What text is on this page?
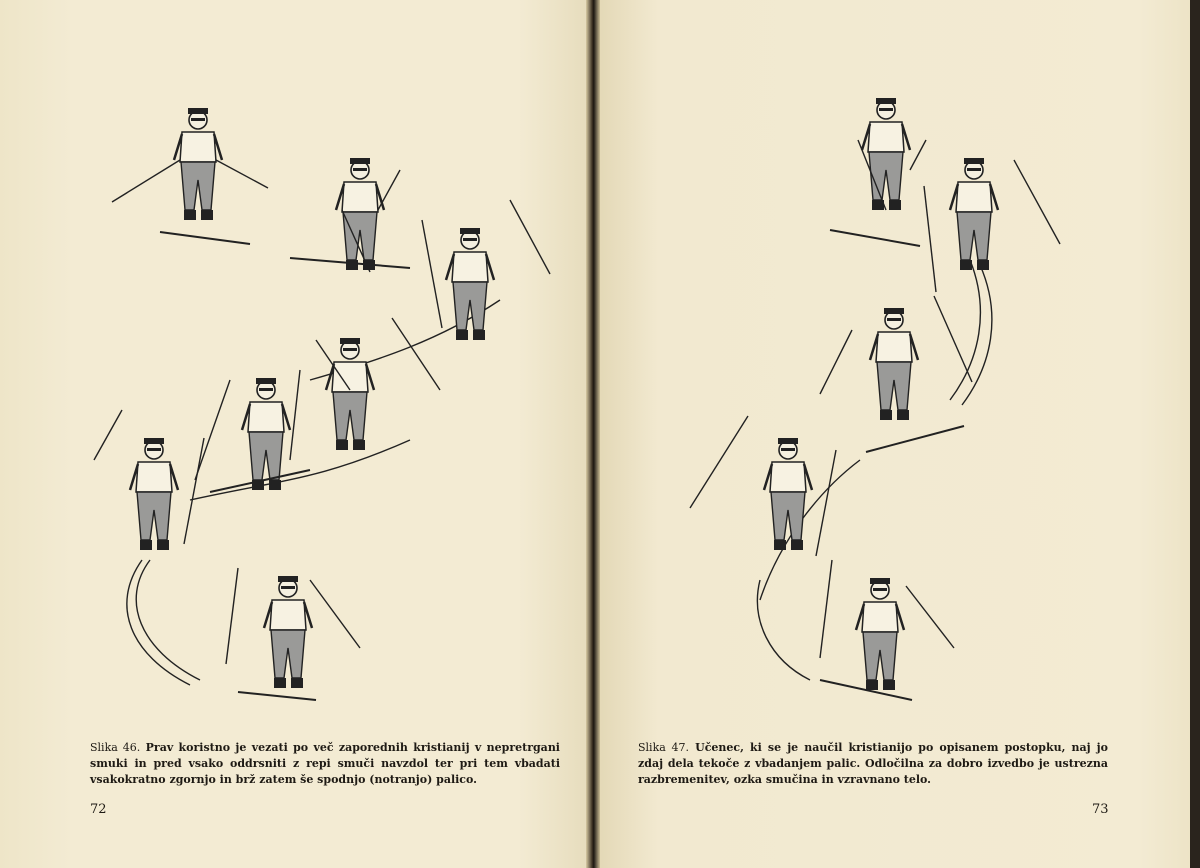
Slika 46. Prav koristno je vezati po več zaporednih kristianij v nepretrgani smuki in pred vsako oddrsniti z repi smuči navzdol ter pri tem vbadati vsakokratno zgornjo in brž zatem še spodnjo (notranjo) palico.
72
Slika 47. Učenec, ki se je naučil kristianijo po opisanem postopku, naj jo zdaj dela tekoče z vbadanjem palic. Odločilna za dobro izvedbo je ustrezna razbremenitev, ozka smučina in vzravnano telo.
73
